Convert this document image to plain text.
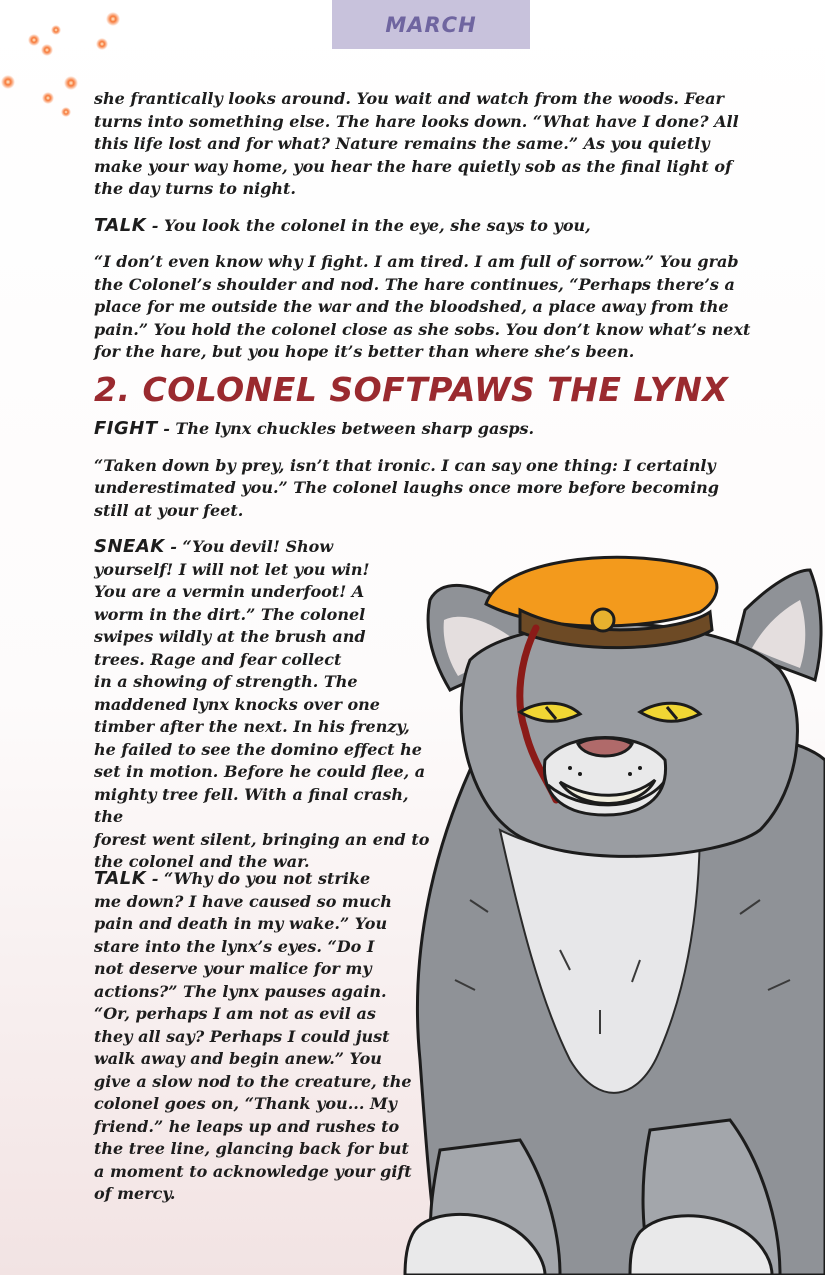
MARCH

she frantically looks around. You wait and watch from the woods. Fear turns into something else. The hare looks down. “What have I done? All this life lost and for what? Nature remains the same.” As you quietly make your way home, you hear the hare quietly sob as the final light of the day turns to night.

TALK - You look the colonel in the eye, she says to you,

“I don’t even know why I fight. I am tired. I am full of sorrow.” You grab the Colonel’s shoulder and nod. The hare continues, “Perhaps there’s a place for me outside the war and the bloodshed, a place away from the pain.” You hold the colonel close as she sobs. You don’t know what’s next for the hare, but you hope it’s better than where she’s been.

2. COLONEL SOFTPAWS THE LYNX

FIGHT - The lynx chuckles between sharp gasps.

“Taken down by prey, isn’t that ironic. I can say one thing: I certainly underestimated you.” The colonel laughs once more before becoming still at your feet.

SNEAK - “You devil! Show
yourself! I will not let you win!
You are a vermin underfoot! A
worm in the dirt.” The colonel
swipes wildly at the brush and
trees. Rage and fear collect
in a showing of strength. The
maddened lynx knocks over one
timber after the next. In his frenzy,
he failed to see the domino effect he
set in motion. Before he could flee, a
mighty tree fell. With a final crash, the
forest went silent, bringing an end to
the colonel and the war.
TALK - “Why do you not strike
me down? I have caused so much
pain and death in my wake.” You
stare into the lynx’s eyes. “Do I
not deserve your malice for my
actions?” The lynx pauses again.
“Or, perhaps I am not as evil as
they all say? Perhaps I could just
walk away and begin anew.” You
give a slow nod to the creature, the
colonel goes on, “Thank you... My
friend.” he leaps up and rushes to
the tree line, glancing back for but
a moment to acknowledge your gift
of mercy.
